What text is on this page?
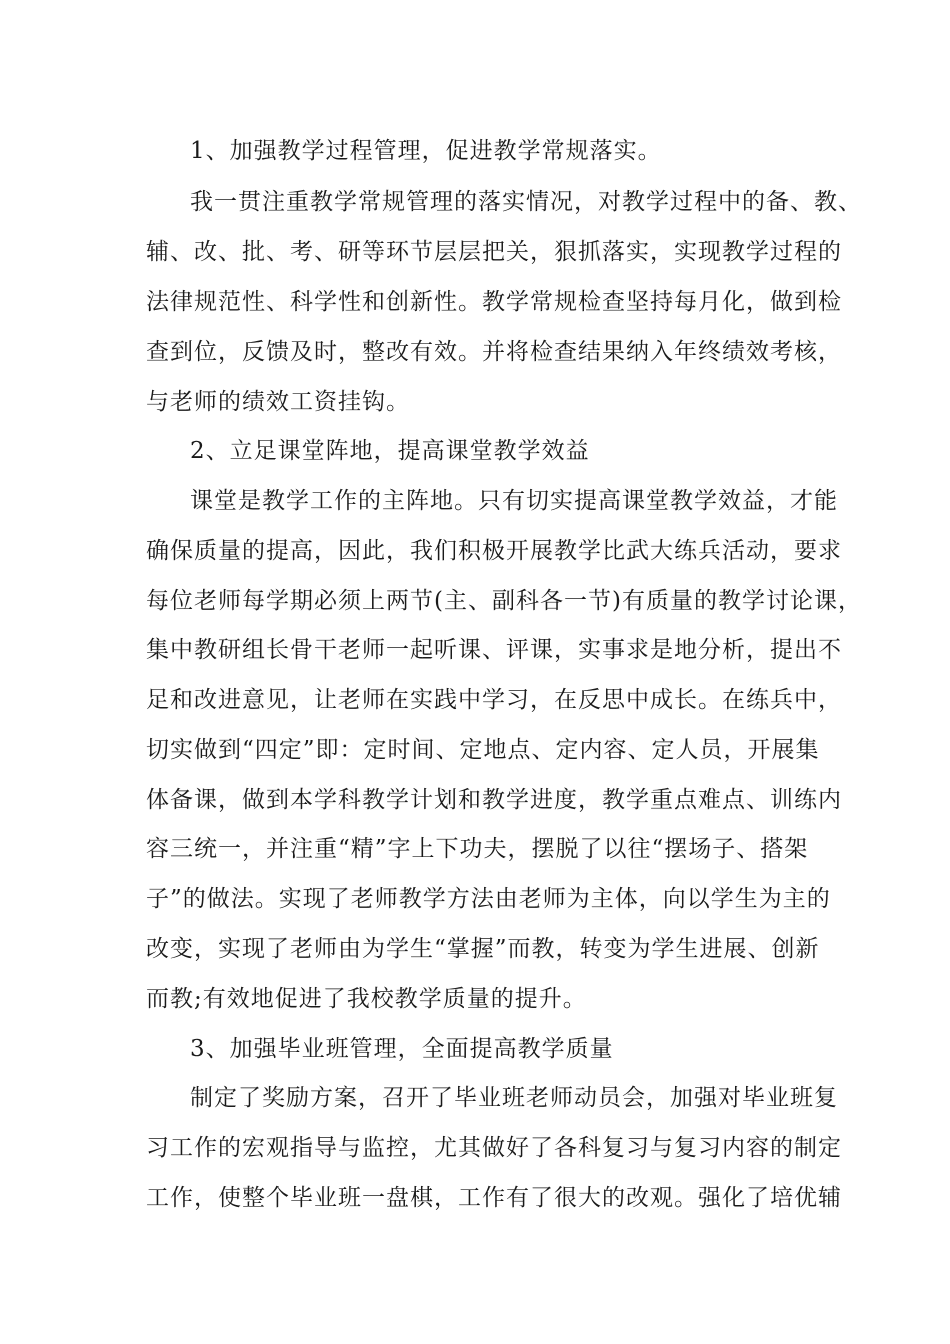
1、加强教学过程管理，促进教学常规落实。
我一贯注重教学常规管理的落实情况，对教学过程中的备、教、
辅、改、批、考、研等环节层层把关，狠抓落实，实现教学过程的
法律规范性、科学性和创新性。教学常规检查坚持每月化，做到检
查到位，反馈及时，整改有效。并将检查结果纳入年终绩效考核，
与老师的绩效工资挂钩。
2、立足课堂阵地，提高课堂教学效益
课堂是教学工作的主阵地。只有切实提高课堂教学效益，才能
确保质量的提高，因此，我们积极开展教学比武大练兵活动，要求
每位老师每学期必须上两节(主、副科各一节)有质量的教学讨论课，
集中教研组长骨干老师一起听课、评课，实事求是地分析，提出不
足和改进意见，让老师在实践中学习，在反思中成长。在练兵中，
切实做到“四定”即：定时间、定地点、定内容、定人员，开展集
体备课，做到本学科教学计划和教学进度，教学重点难点、训练内
容三统一，并注重“精”字上下功夫，摆脱了以往“摆场子、搭架
子”的做法。实现了老师教学方法由老师为主体，向以学生为主的
改变，实现了老师由为学生“掌握”而教，转变为学生进展、创新
而教;有效地促进了我校教学质量的提升。
3、加强毕业班管理，全面提高教学质量
制定了奖励方案，召开了毕业班老师动员会，加强对毕业班复
习工作的宏观指导与监控，尤其做好了各科复习与复习内容的制定
工作，使整个毕业班一盘棋，工作有了很大的改观。强化了培优辅
